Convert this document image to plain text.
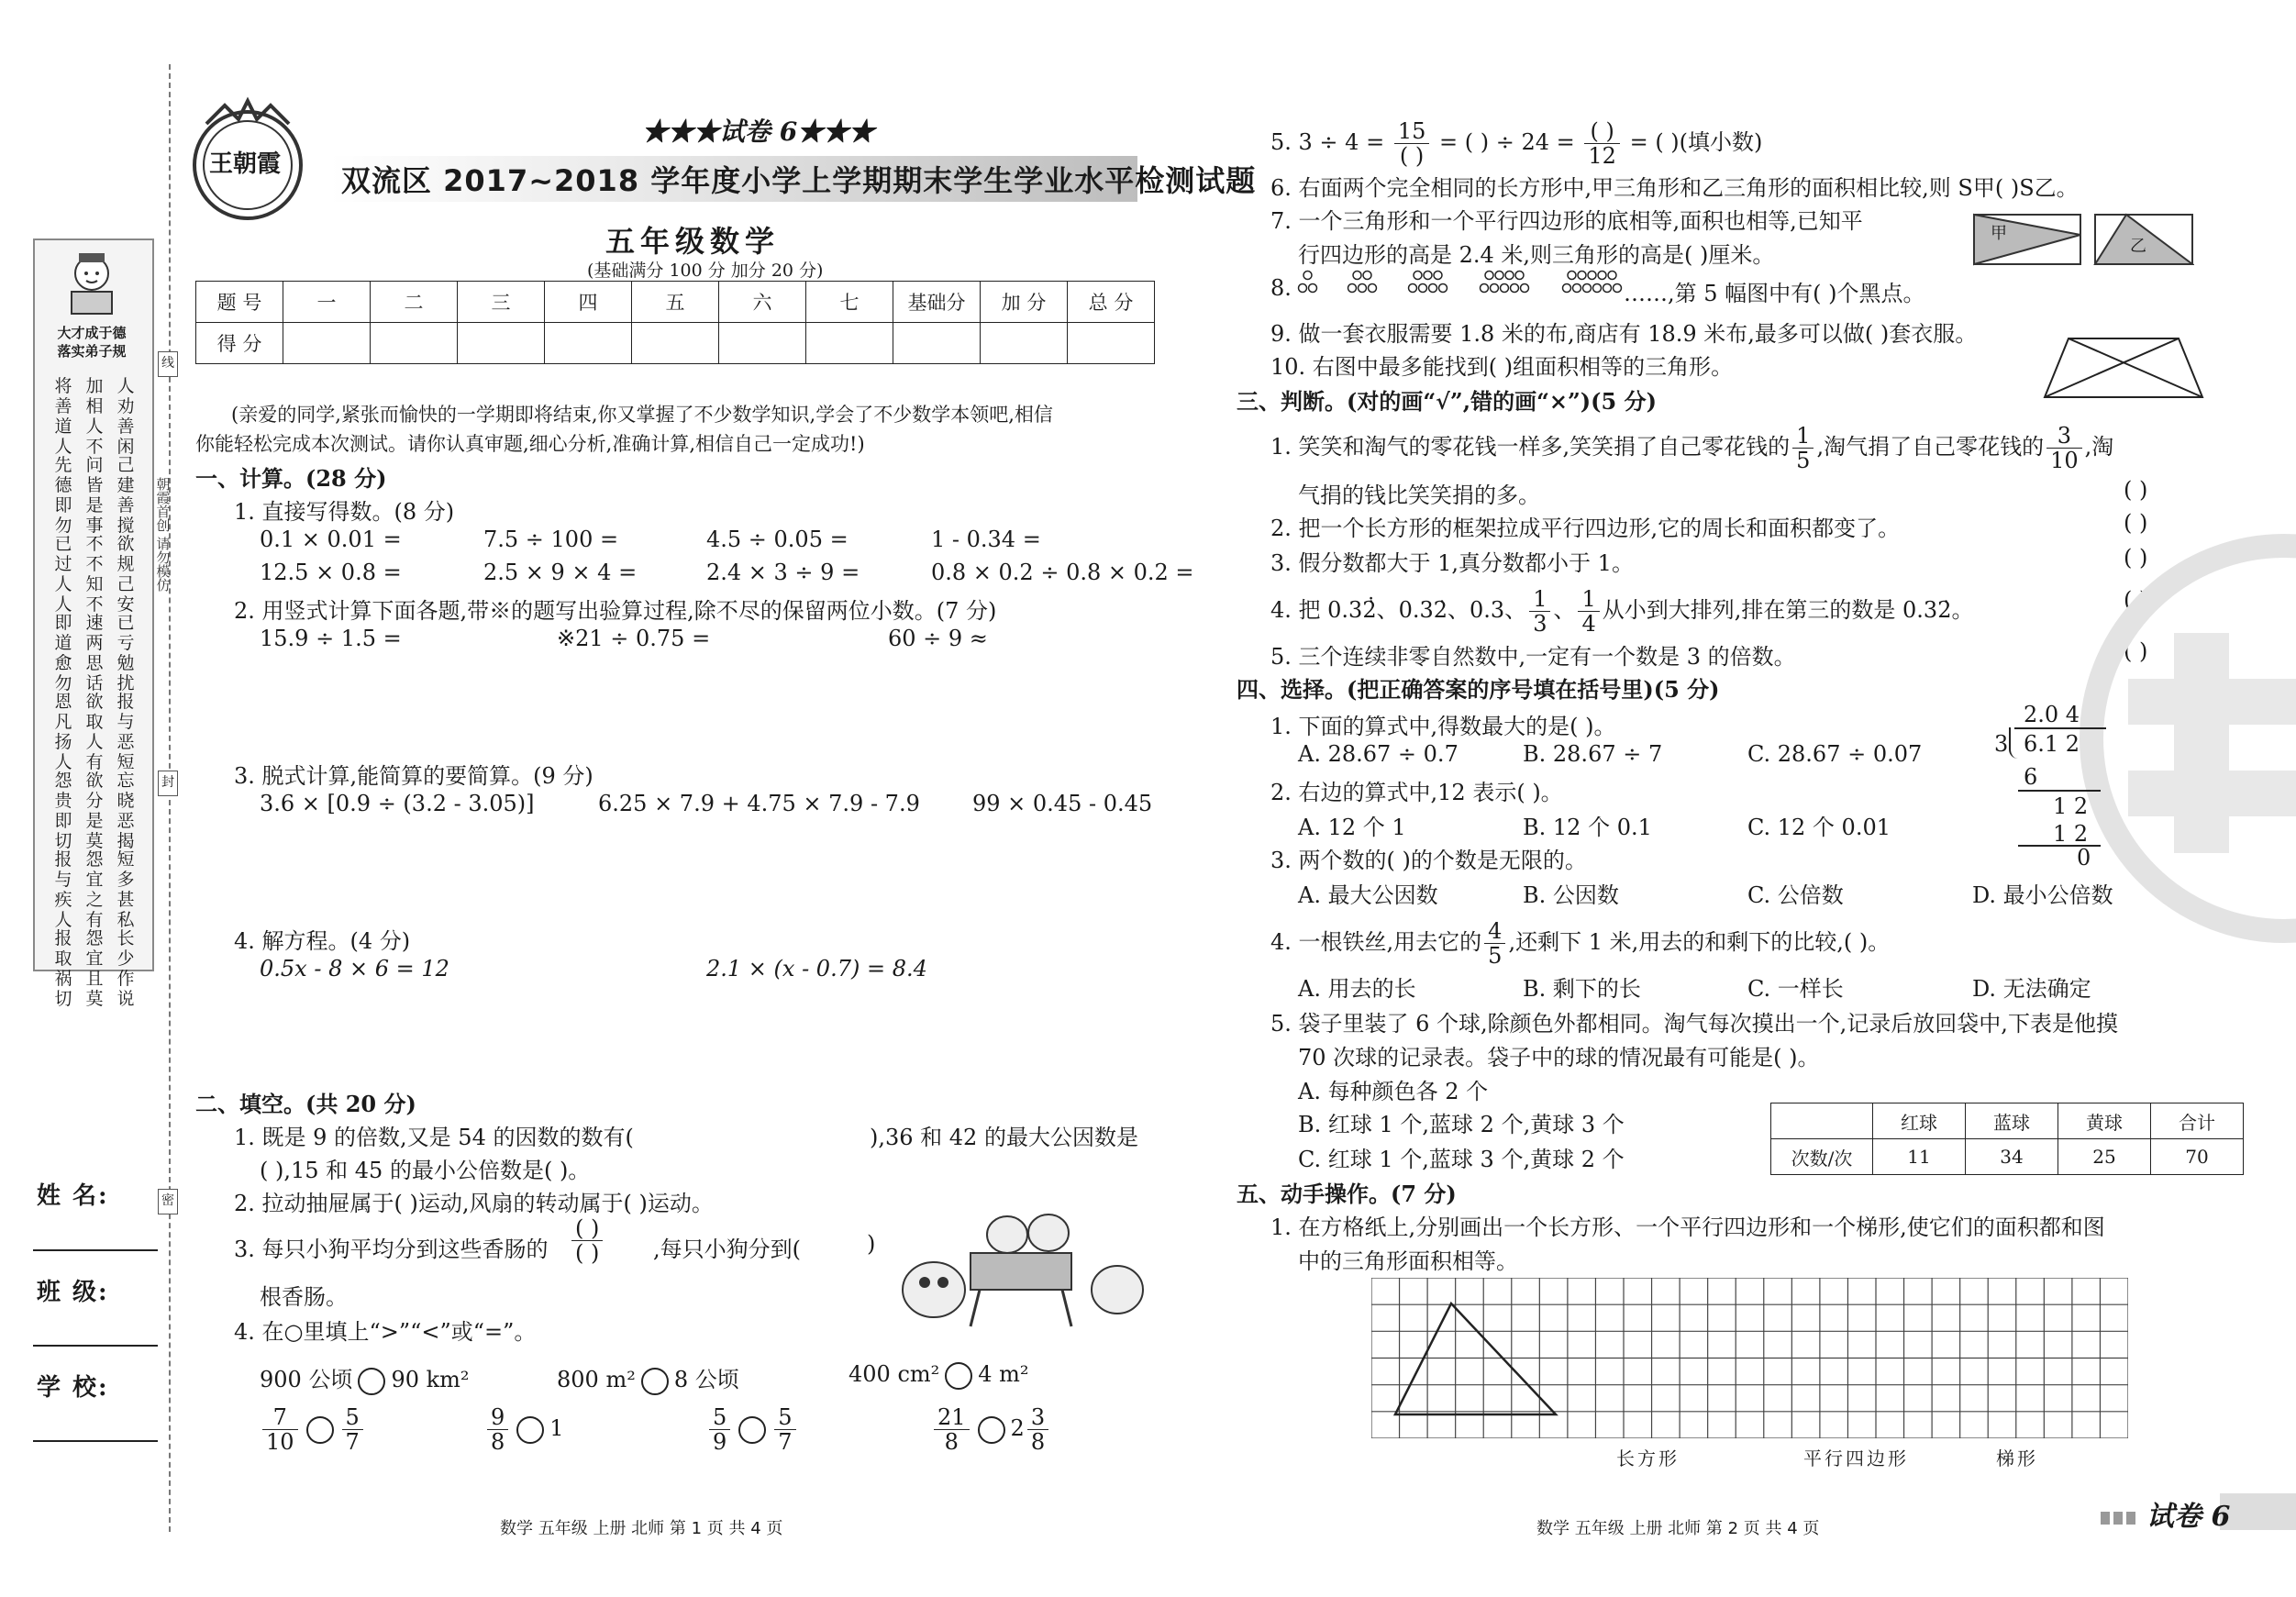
大才成于德
落实弟子规
将善道人
加相人不
人劝善闲
先德即勿
问皆是事
己建善搅
已过人人
不不知不
欲规己安
即道愈勿
速两思话
已亏勉扰
恩凡扬人
欲取人有
报与恶短
怨贵即切
欲分是莫
忘晓恶揭
报与疾人
怨宜之有
短多甚私
报取祸切
怨宜且莫
长少作说
朝霞首创 请勿模仿
线
封
密
姓 名:
班 级:
学 校:
王朝霞
★★★试卷 6★★★
双流区 2017~2018 学年度小学上学期期末学生学业水平检测试题
五年级数学
(基础满分 100 分 加分 20 分)
题 号	一	二	三	四	五	六	七	基础分	加 分	总 分
得 分										
(亲爱的同学,紧张而愉快的一学期即将结束,你又掌握了不少数学知识,学会了不少数学本领吧,相信
你能轻松完成本次测试。请你认真审题,细心分析,准确计算,相信自己一定成功!)
一、计算。(28 分)
1. 直接写得数。(8 分)
0.1 × 0.01 =	7.5 ÷ 100 =	4.5 ÷ 0.05 =	1 - 0.34 =
12.5 × 0.8 =	2.5 × 9 × 4 =	2.4 × 3 ÷ 9 =	0.8 × 0.2 ÷ 0.8 × 0.2 =
2. 用竖式计算下面各题,带※的题写出验算过程,除不尽的保留两位小数。(7 分)
15.9 ÷ 1.5 =	※21 ÷ 0.75 =	60 ÷ 9 ≈
3. 脱式计算,能简算的要简算。(9 分)
3.6 × [0.9 ÷ (3.2 - 3.05)]	6.25 × 7.9 + 4.75 × 7.9 - 7.9 99 × 0.45 - 0.45
4. 解方程。(4 分)
0.5x - 8 × 6 = 12	2.1 × (x - 0.7) = 8.4
二、填空。(共 20 分)
1. 既是 9 的倍数,又是 54 的因数的数有(	),36 和 42 的最大公因数是
( ),15 和 45 的最小公倍数是( )。
2. 拉动抽屉属于( )运动,风扇的转动属于( )运动。
3. 每只小狗平均分到这些香肠的 $\frac{( )}{( )}$ ,每只小狗分到(	)
根香肠。
4. 在○里填上“>”“<”或“=”。
900 公顷 90 km²	800 m² 8 公顷	400 cm² 4 m²
$\frac{7}{10} \frac{5}{7}$	$\frac{9}{8} 1$	$\frac{5}{9} \frac{5}{7}$	$\frac{21}{8} 2 \frac{3}{8}$
数学 五年级 上册 北师 第 1 页 共 4 页
5. $3 \div 4 = \frac{15}{( )}$ = ( ) ÷ $24 = \frac{( )}{12}$ = ( )(填小数)
6. 右面两个完全相同的长方形中,甲三角形和乙三角形的面积相比较,则 S甲( )S乙。
7. 一个三角形和一个平行四边形的底相等,面积也相等,已知平
行四边形的高是 2.4 米,则三角形的高是( )厘米。
甲
乙
8.	……,第 5 幅图中有( )个黑点。
9. 做一套衣服需要 1.8 米的布,商店有 18.9 米布,最多可以做( )套衣服。
10. 右图中最多能找到( )组面积相等的三角形。
三、判断。(对的画“√”,错的画“×”)(5 分)
1. 笑笑和淘气的零花钱一样多,笑笑捐了自己零花钱的 $\frac{1}{5}$ ,淘气捐了自己零花钱的 $\frac{3}{10}$ ,淘
气捐的钱比笑笑捐的多。	( )
2. 把一个长方形的框架拉成平行四边形,它的周长和面积都变了。	( )
3. 假分数都大于 1,真分数都小于 1。	( )
4. 把 0.32̇̇、0.32̇、0.3、 $\frac{1}{3}$ 、 $\frac{1}{4}$ 从小到大排列,排在第三的数是 0.32̇。	( )
5. 三个连续非零自然数中,一定有一个数是 3 的倍数。	( )
四、选择。(把正确答案的序号填在括号里)(5 分)
1. 下面的算式中,得数最大的是( )。
A. 28.67 ÷ 0.7	B. 28.67 ÷ 7	C. 28.67 ÷ 0.07
2. 右边的算式中,12 表示( )。
A. 12 个 1	B. 12 个 0.1	C. 12 个 0.01
3. 两个数的( )的个数是无限的。
A. 最大公因数	B. 公因数	C. 公倍数	D. 最小公倍数
4. 一根铁丝,用去它的 $\frac{4}{5}$ ,还剩下 1 米,用去的和剩下的比较,( )。
A. 用去的长	B. 剩下的长	C. 一样长	D. 无法确定
5. 袋子里装了 6 个球,除颜色外都相同。淘气每次摸出一个,记录后放回袋中,下表是他摸
70 次球的记录表。袋子中的球的情况最有可能是( )。
A. 每种颜色各 2 个
B. 红球 1 个,蓝球 2 个,黄球 3 个
C. 红球 1 个,蓝球 3 个,黄球 2 个
2.0 4
3 6.1 2
6
1 2
1 2
0
	红球	蓝球	黄球	合计
次数/次	11	34	25	70
五、动手操作。(7 分)
1. 在方格纸上,分别画出一个长方形、一个平行四边形和一个梯形,使它们的面积都和图
中的三角形面积相等。
长方形	平行四边形	梯形
数学 五年级 上册 北师 第 2 页 共 4 页	试卷 6
